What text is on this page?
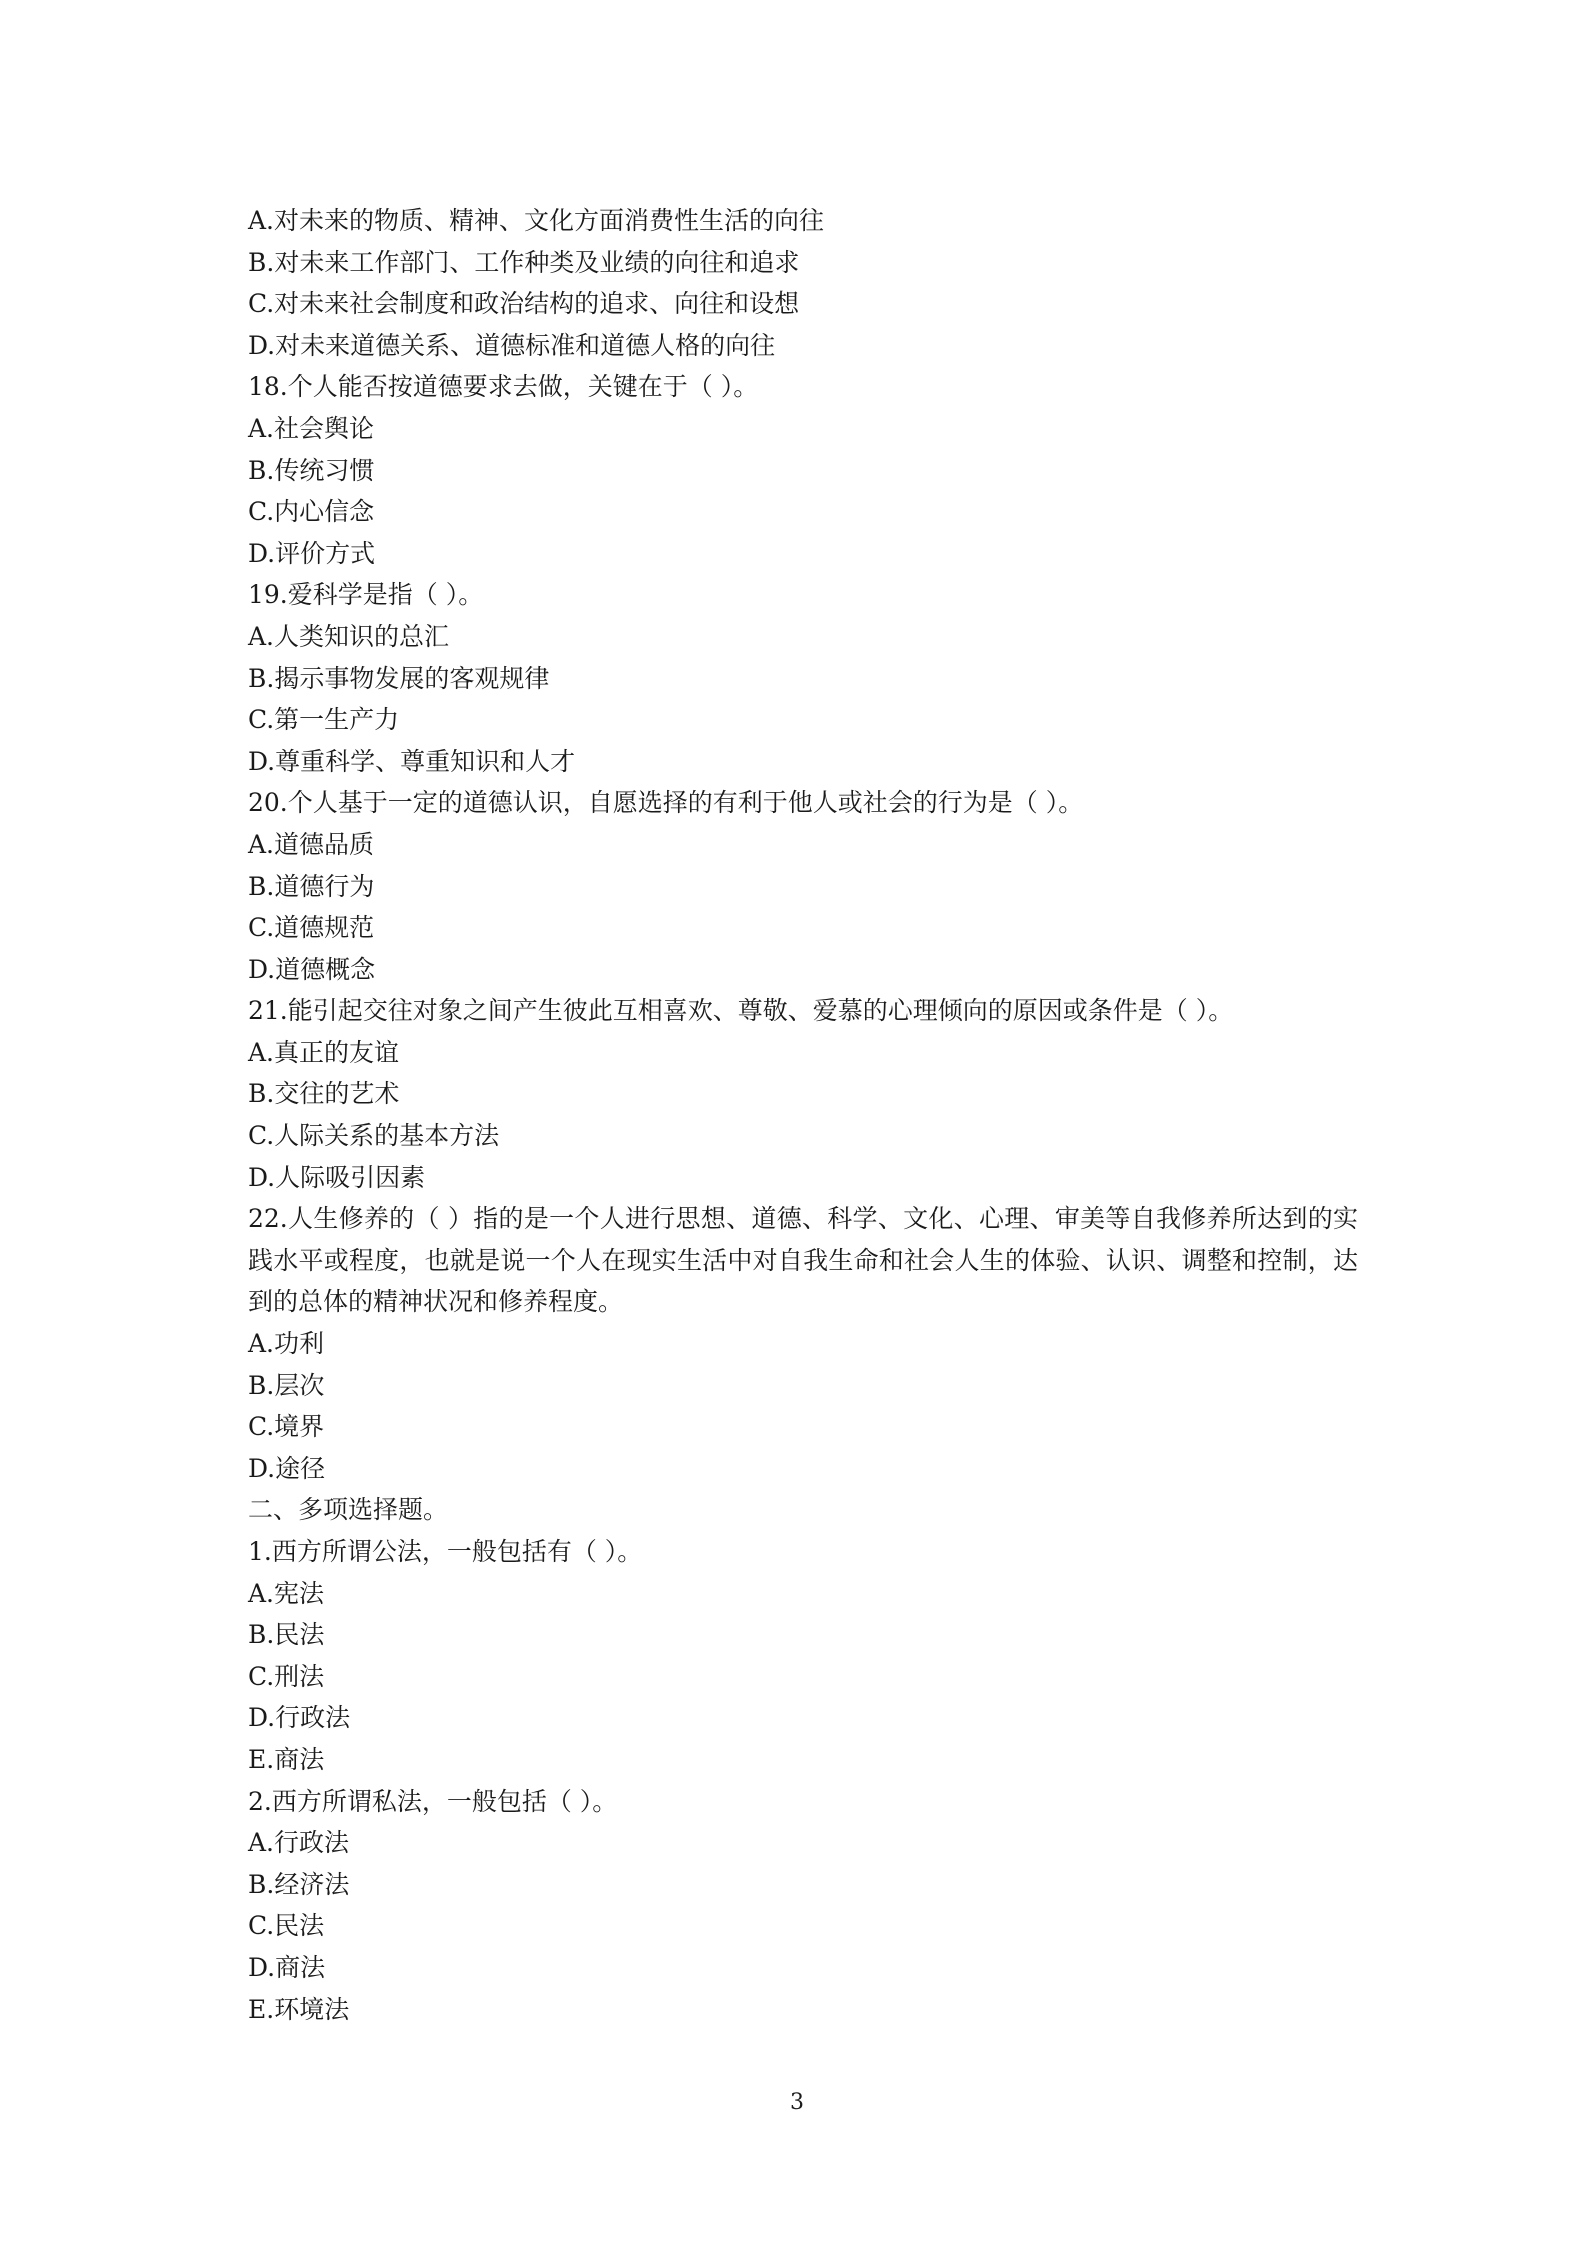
A.对未来的物质、精神、文化方面消费性生活的向往
B.对未来工作部门、工作种类及业绩的向往和追求
C.对未来社会制度和政治结构的追求、向往和设想
D.对未来道德关系、道德标准和道德人格的向往
18.个人能否按道德要求去做，关键在于（ ）。
A.社会舆论
B.传统习惯
C.内心信念
D.评价方式
19.爱科学是指（ ）。
A.人类知识的总汇
B.揭示事物发展的客观规律
C.第一生产力
D.尊重科学、尊重知识和人才
20.个人基于一定的道德认识，自愿选择的有利于他人或社会的行为是（ ）。
A.道德品质
B.道德行为
C.道德规范
D.道德概念
21.能引起交往对象之间产生彼此互相喜欢、尊敬、爱慕的心理倾向的原因或条件是（ ）。
A.真正的友谊
B.交往的艺术
C.人际关系的基本方法
D.人际吸引因素
22.人生修养的（ ）指的是一个人进行思想、道德、科学、文化、心理、审美等自我修养所达到的实践水平或程度，也就是说一个人在现实生活中对自我生命和社会人生的体验、认识、调整和控制，达到的总体的精神状况和修养程度。
A.功利
B.层次
C.境界
D.途径
二、多项选择题。
1.西方所谓公法，一般包括有（ ）。
A.宪法
B.民法
C.刑法
D.行政法
E.商法
2.西方所谓私法，一般包括（ ）。
A.行政法
B.经济法
C.民法
D.商法
E.环境法
3
